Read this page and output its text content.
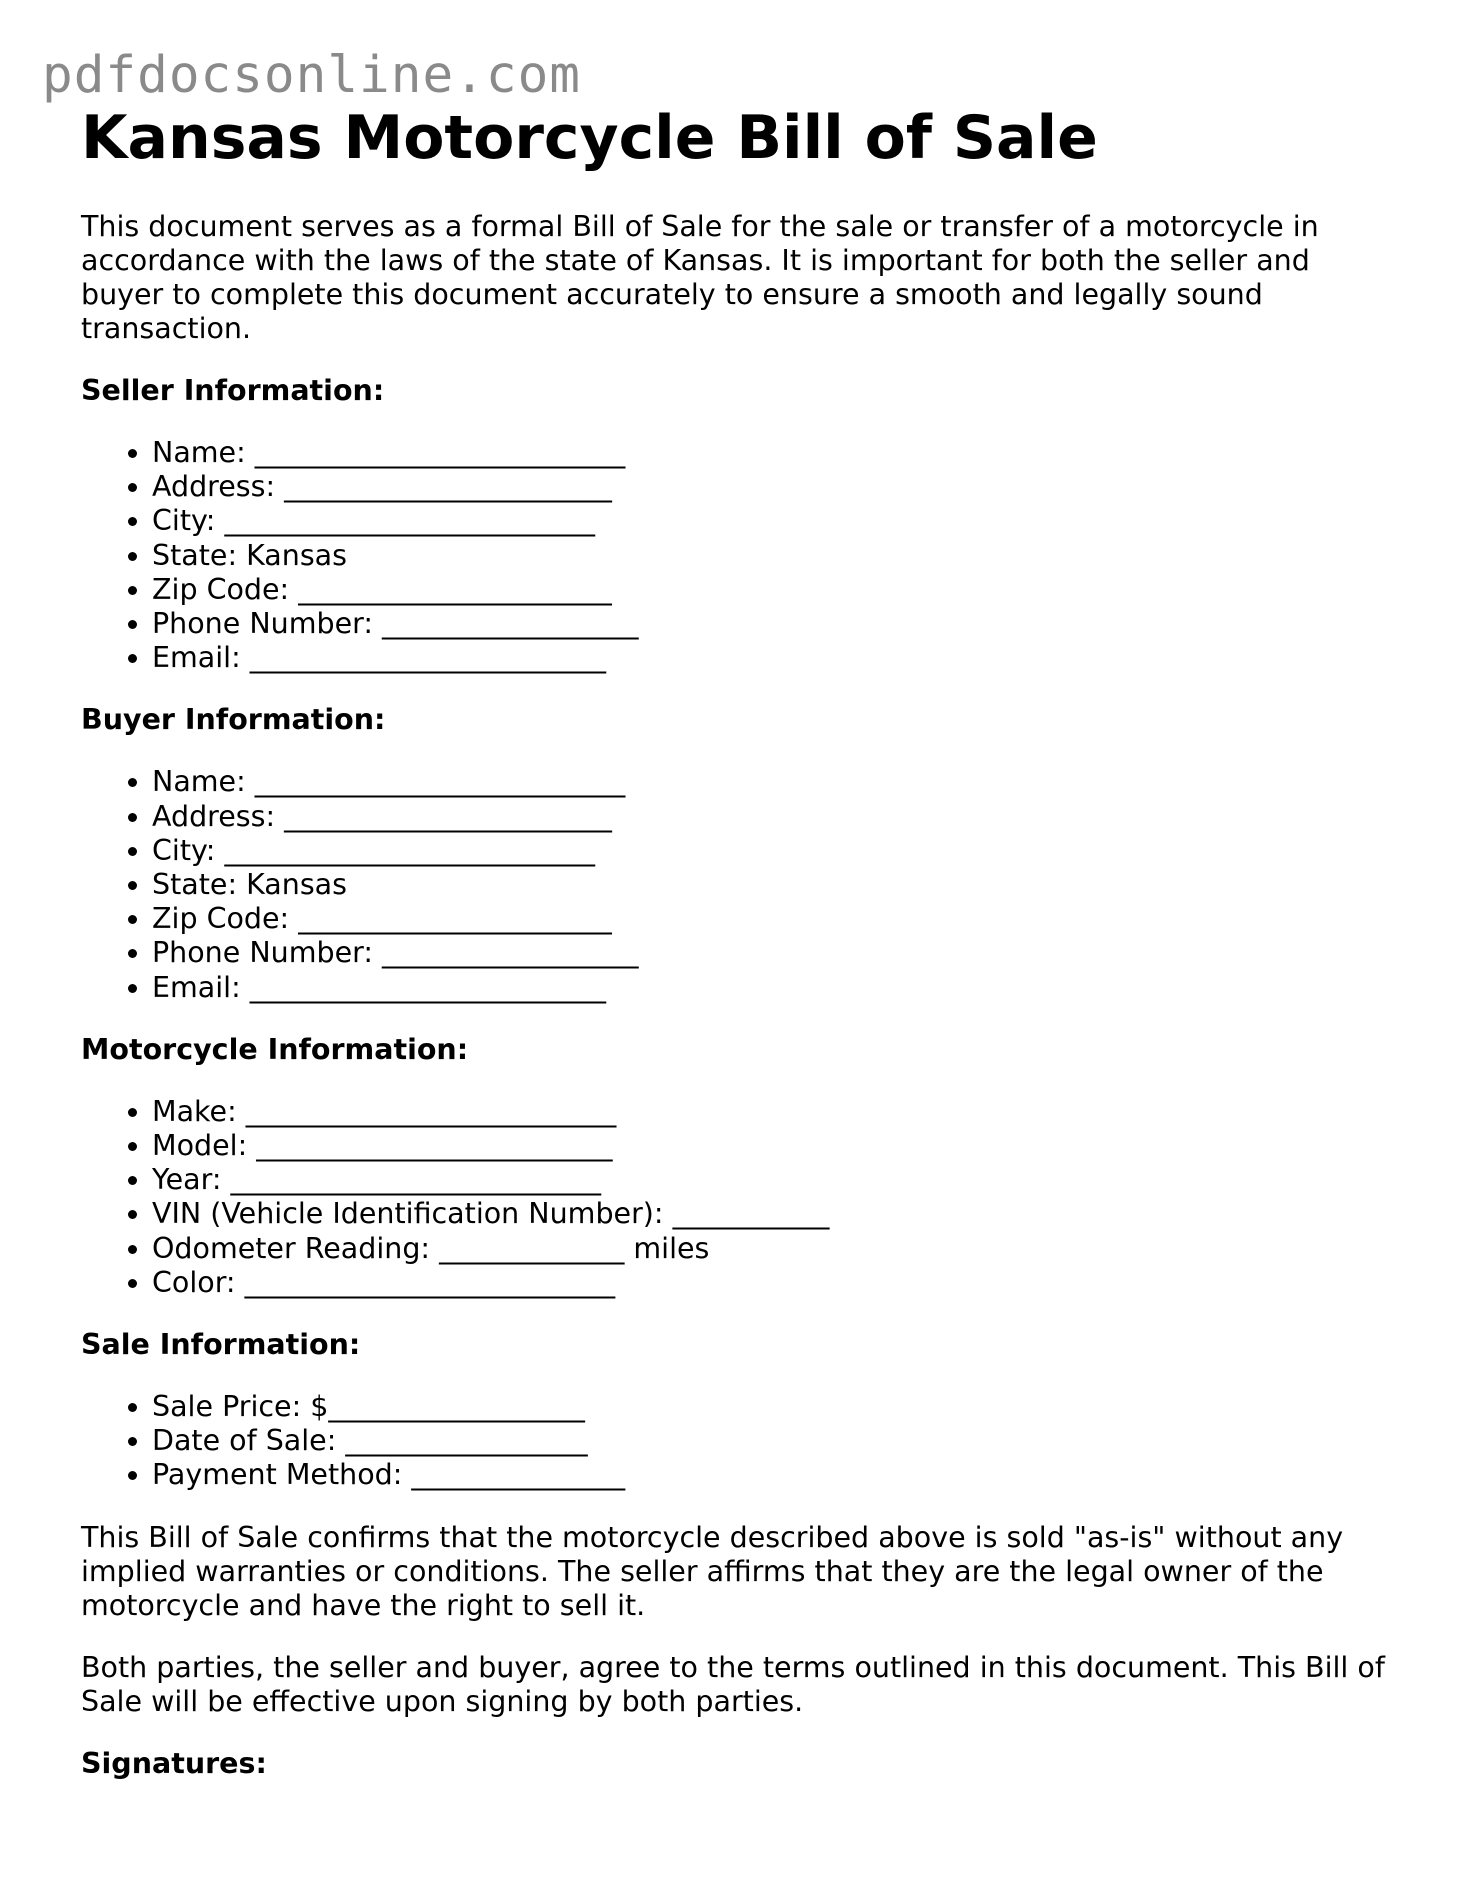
pdfdocsonline.com
Kansas Motorcycle Bill of Sale

This document serves as a formal Bill of Sale for the sale or transfer of a motorcycle in accordance with the laws of the state of Kansas. It is important for both the seller and buyer to complete this document accurately to ensure a smooth and legally sound transaction.

Seller Information:
• Name: __________________________
• Address: _______________________
• City: __________________________
• State: Kansas
• Zip Code: ______________________
• Phone Number: __________________
• Email: _________________________
Buyer Information:
• Name: __________________________
• Address: _______________________
• City: __________________________
• State: Kansas
• Zip Code: ______________________
• Phone Number: __________________
• Email: _________________________
Motorcycle Information:
• Make: __________________________
• Model: _________________________
• Year: __________________________
• VIN (Vehicle Identification Number): ___________
• Odometer Reading: _____________ miles
• Color: __________________________
Sale Information:
• Sale Price: $__________________
• Date of Sale: _________________
• Payment Method: _______________

This Bill of Sale confirms that the motorcycle described above is sold "as-is" without any implied warranties or conditions. The seller affirms that they are the legal owner of the motorcycle and have the right to sell it.

Both parties, the seller and buyer, agree to the terms outlined in this document. This Bill of Sale will be effective upon signing by both parties.

Signatures:
